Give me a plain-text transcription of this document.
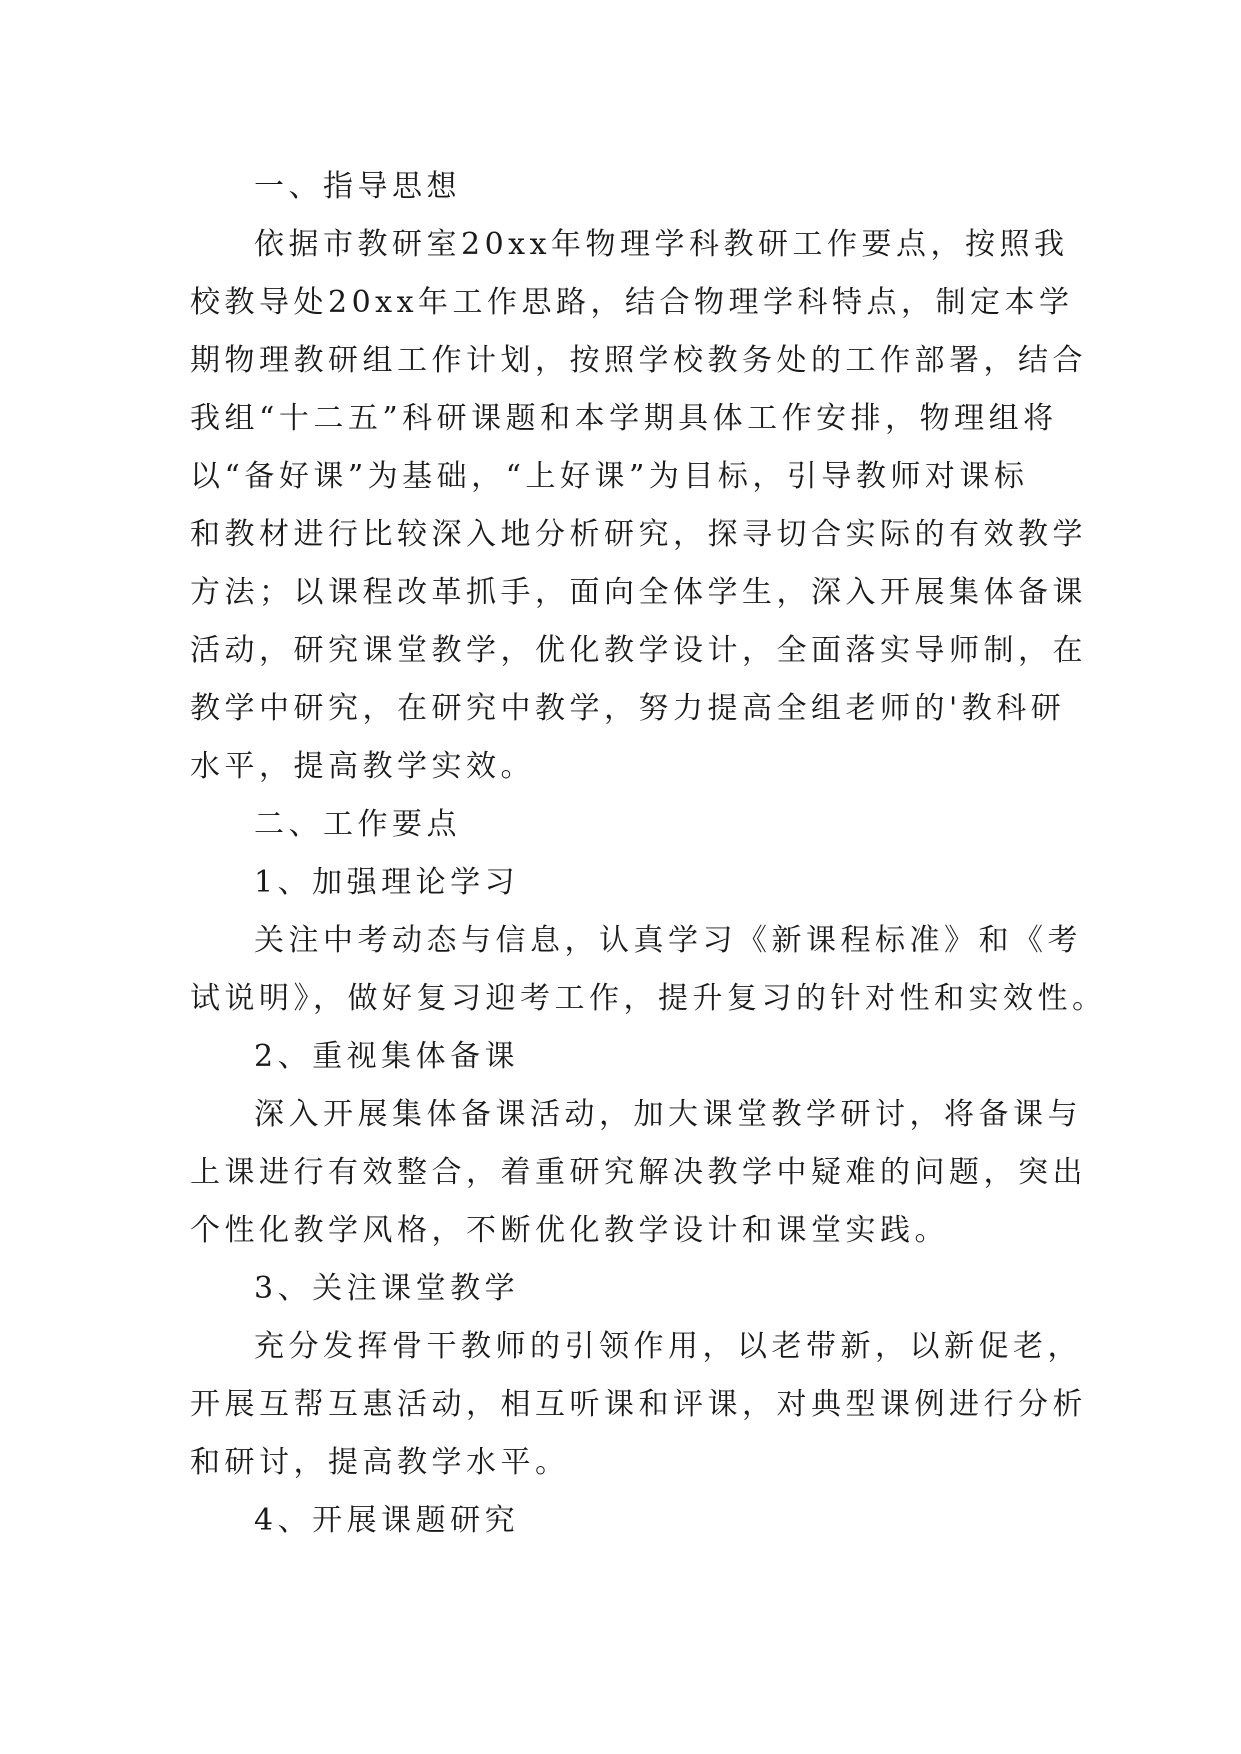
一、指导思想
依据市教研室20xx年物理学科教研工作要点，按照我
校教导处20xx年工作思路，结合物理学科特点，制定本学
期物理教研组工作计划，按照学校教务处的工作部署，结合
我组“十二五”科研课题和本学期具体工作安排，物理组将
以“备好课”为基础，“上好课”为目标，引导教师对课标
和教材进行比较深入地分析研究，探寻切合实际的有效教学
方法；以课程改革抓手，面向全体学生，深入开展集体备课
活动，研究课堂教学，优化教学设计，全面落实导师制，在
教学中研究，在研究中教学，努力提高全组老师的'教科研
水平，提高教学实效。
二、工作要点
1、加强理论学习
关注中考动态与信息，认真学习《新课程标准》和《考
试说明》，做好复习迎考工作，提升复习的针对性和实效性。
2、重视集体备课
深入开展集体备课活动，加大课堂教学研讨，将备课与
上课进行有效整合，着重研究解决教学中疑难的问题，突出
个性化教学风格，不断优化教学设计和课堂实践。
3、关注课堂教学
充分发挥骨干教师的引领作用，以老带新，以新促老，
开展互帮互惠活动，相互听课和评课，对典型课例进行分析
和研讨，提高教学水平。
4、开展课题研究
